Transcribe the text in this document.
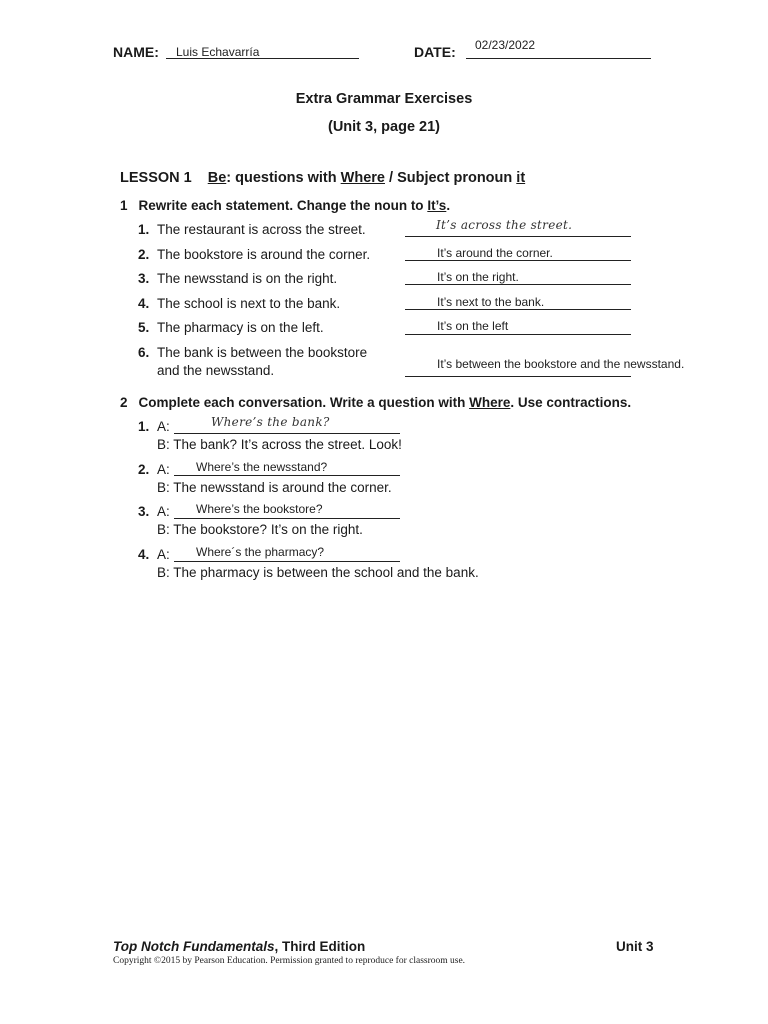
NAME: Luis Echavarría	DATE: 02/23/2022
Extra Grammar Exercises
(Unit 3, page 21)
LESSON 1 Be: questions with Where / Subject pronoun it
1 Rewrite each statement. Change the noun to It’s.
1. The restaurant is across the street.	It’s across the street.
2. The bookstore is around the corner.	It’s around the corner.
3. The newsstand is on the right.	It’s on the right.
4. The school is next to the bank.	It’s next to the bank.
5. The pharmacy is on the left.	It’s on the left
6. The bank is between the bookstore
and the newsstand.	It’s between the bookstore and the newsstand.
2 Complete each conversation. Write a question with Where. Use contractions.
1. A:	Where’s the bank?
B: The bank? It’s across the street. Look!
2. A: Where’s the newsstand?
B: The newsstand is around the corner.
3. A: Where’s the bookstore?
B: The bookstore? It’s on the right.
4. A: Where´s the pharmacy?
B: The pharmacy is between the school and the bank.
Top Notch Fundamentals, Third Edition	Unit 3
Copyright ©2015 by Pearson Education. Permission granted to reproduce for classroom use.
